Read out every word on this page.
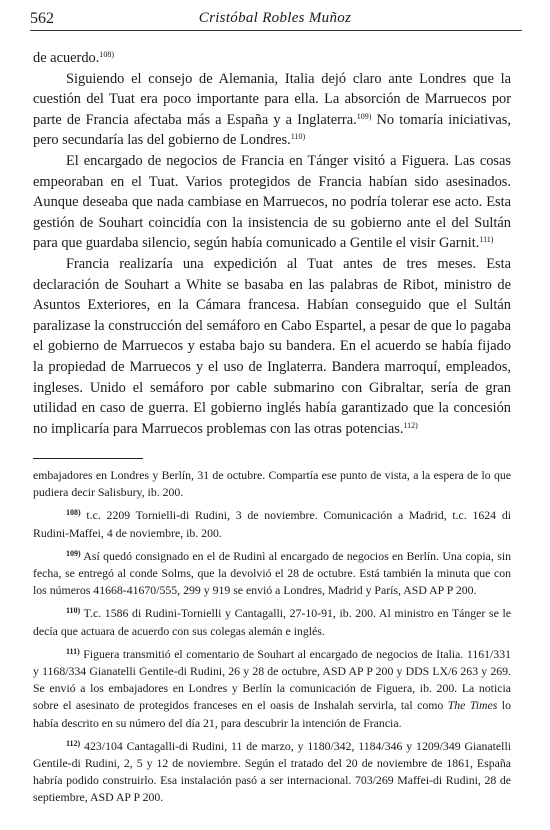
562	Cristóbal Robles Muñoz

de acuerdo.$^{108)}$

Siguiendo el consejo de Alemania, Italia dejó claro ante Londres que la cuestión del Tuat era poco importante para ella. La absorción de Marruecos por parte de Francia afectaba más a España y a Inglaterra.$^{109)}$ No tomaría iniciativas, pero secundaría las del gobierno de Londres.$^{110)}$

El encargado de negocios de Francia en Tánger visitó a Figuera. Las cosas empeoraban en el Tuat. Varios protegidos de Francia habían sido asesinados. Aunque deseaba que nada cambiase en Marruecos, no podría tolerar ese acto. Esta gestión de Souhart coincidía con la insistencia de su gobierno ante el del Sultán para que guardaba silencio, según había comunicado a Gentile el visir Garnit.$^{111)}$

Francia realizaría una expedición al Tuat antes de tres meses. Esta declaración de Souhart a White se basaba en las palabras de Ribot, ministro de Asuntos Exteriores, en la Cámara francesa. Habían conseguido que el Sultán paralizase la construcción del semáforo en Cabo Espartel, a pesar de que lo pagaba el gobierno de Marruecos y estaba bajo su bandera. En el acuerdo se había fijado la propiedad de Marruecos y el uso de Inglaterra. Bandera marroquí, empleados, ingleses. Unido el semáforo por cable submarino con Gibraltar, sería de gran utilidad en caso de guerra. El gobierno inglés había garantizado que la concesión no implicaría para Marruecos problemas con las otras potencias.$^{112)}$

embajadores en Londres y Berlín, 31 de octubre. Compartía ese punto de vista, a la espera de lo que pudiera decir Salisbury, ib. 200.

$^{108)}$ t.c. 2209 Tornielli-di Rudini, 3 de noviembre. Comunicación a Madrid, t.c. 1624 di Rudini-Maffei, 4 de noviembre, ib. 200.

$^{109)}$ Así quedó consignado en el de Rudinì al encargado de negocios en Berlín. Una copia, sin fecha, se entregó al conde Solms, que la devolvió el 28 de octubre. Está también la minuta que con los números 41668-41670/555, 299 y 919 se envió a Londres, Madrid y París, ASD AP P 200.

$^{110)}$ T.c. 1586 di Rudini-Tornielli y Cantagalli, 27-10-91, ib. 200. Al ministro en Tánger se le decía que actuara de acuerdo con sus colegas alemán e inglés.

$^{111)}$ Figuera transmitió el comentario de Souhart al encargado de negocios de Italia. 1161/331 y 1168/334 Gianatelli Gentile-di Rudini, 26 y 28 de octubre, ASD AP P 200 y DDS LX/6 263 y 269. Se envió a los embajadores en Londres y Berlín la comunicación de Figuera, ib. 200. La noticia sobre el asesinato de protegidos franceses en el oasis de Inshalah servirla, tal como The Times lo había descrito en su número del día 21, para descubrir la intención de Francia.

$^{112)}$ 423/104 Cantagalli-di Rudini, 11 de marzo, y 1180/342, 1184/346 y 1209/349 Gianatelli Gentile-di Rudini, 2, 5 y 12 de noviembre. Según el tratado del 20 de noviembre de 1861, España habría podido construirlo. Esa instalación pasó a ser internacional. 703/269 Maffei-di Rudini, 28 de septiembre, ASD AP P 200.
